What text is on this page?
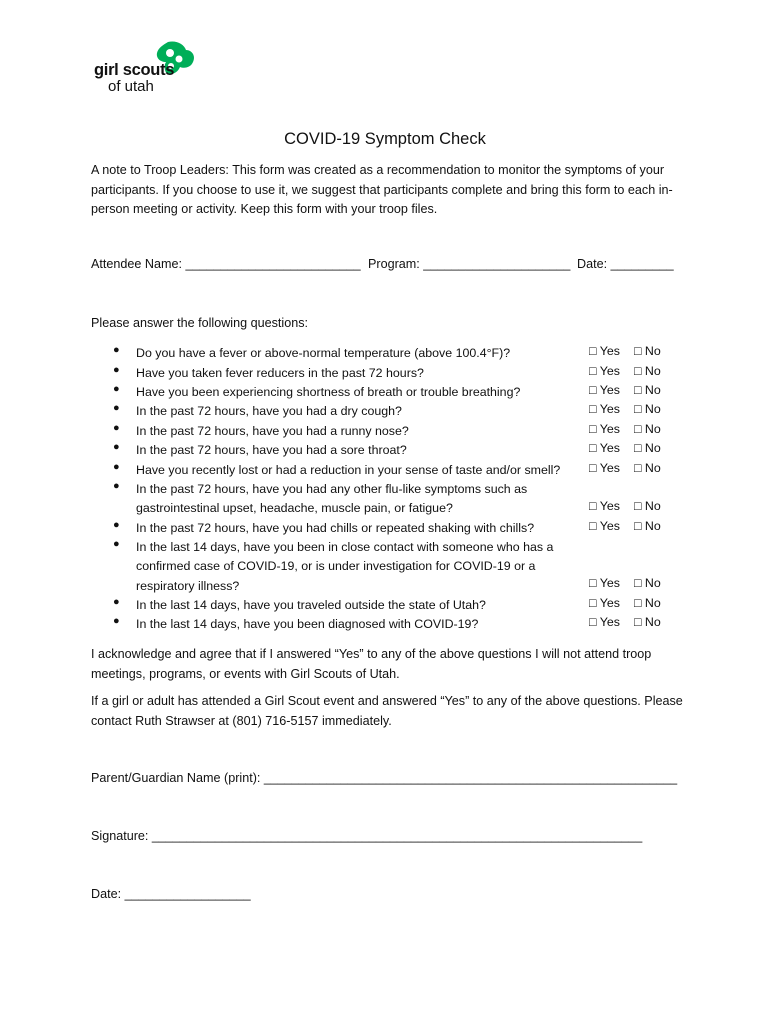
girl scouts
of utah
COVID-19 Symptom Check
A note to Troop Leaders: This form was created as a recommendation to monitor the symptoms of your participants. If you choose to use it, we suggest that participants complete and bring this form to each in-person meeting or activity. Keep this form with your troop files.
Attendee Name: _________________________ Program: _____________________ Date: _________
Please answer the following questions:
● Do you have a fever or above-normal temperature (above 100.4°F)?	□ Yes □ No
● Have you taken fever reducers in the past 72 hours?	□ Yes □ No
● Have you been experiencing shortness of breath or trouble breathing?	□ Yes □ No
● In the past 72 hours, have you had a dry cough?	□ Yes □ No
● In the past 72 hours, have you had a runny nose?	□ Yes □ No
● In the past 72 hours, have you had a sore throat?	□ Yes □ No
● Have you recently lost or had a reduction in your sense of taste and/or smell?	□ Yes □ No
● In the past 72 hours, have you had any other flu-like symptoms such as gastrointestinal upset, headache, muscle pain, or fatigue?	□ Yes □ No
● In the past 72 hours, have you had chills or repeated shaking with chills?	□ Yes □ No
● In the last 14 days, have you been in close contact with someone who has a confirmed case of COVID-19, or is under investigation for COVID-19 or a respiratory illness?	□ Yes □ No
● In the last 14 days, have you traveled outside the state of Utah?	□ Yes □ No
● In the last 14 days, have you been diagnosed with COVID-19?	□ Yes □ No
I acknowledge and agree that if I answered “Yes” to any of the above questions I will not attend troop meetings, programs, or events with Girl Scouts of Utah.
If a girl or adult has attended a Girl Scout event and answered “Yes” to any of the above questions. Please contact Ruth Strawser at (801) 716-5157 immediately.
Parent/Guardian Name (print): ___________________________________________________________
Signature: ______________________________________________________________________
Date: __________________
